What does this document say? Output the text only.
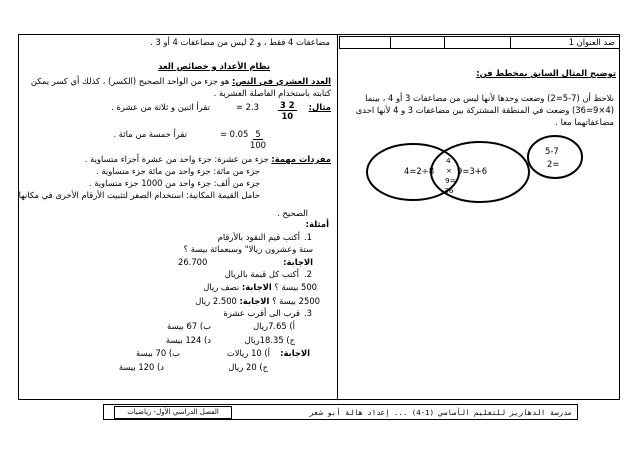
ضد العنوان 1
توضيح المثال السابق بمخطط فن:
نلاحظ أن (7-5=2) وضعت وحدها لأنها ليس من مضاعفات 3 أو 4 ، بينما
(4×9=36) وضعت في المنطقة المشتركة بين مضاعفات 3 و 4 لأنها احدى
مضاعفاتهما معا .
4=2÷8
4
×
9=
36
9=3+6
5-7
2=
مضاعفات 4 فقط ، و 2 ليس من مضاعفات 4 أو 3 .
نظام الأعداد و خصائص العد
العدد العشري في النص: هو جزء من الواحد الصحيح (الكسر) ، كذلك أي كسر يمكن
كتابته باستخدام الفاصلة العشرية .
مثال:
$\frac{3 2}{10}$
= 2.3
تقرأ اثنين و ثلاثة من عشرة .
$\frac{5}{100}$
= 0.05
تقرأ خمسة من مائة .
مفردات مهمة: جزء من عشرة: جزء واحد من عشرة أجزاء متساوية .
جزء من مائة: جزء واحد من مائة جزء متساوية .
جزء من ألف: جزء واحد من 1000 جزء متساوية .
حامل القيمة المكانية: استخدام الصفر لتثبيت الأرقام الأخرى في مكانها
الصحيح .
أمثلة:
.1
أكتب قيم النقود بالأرقام
ستة وعشرون ريالا" وسبعمائة بيسة ؟
الاجابة:
26.700
.2
أكتب كل قيمة بالريال
500 بيسة ؟ الاجابة: نصف ريال
2500 بيسة ؟ الاجابة: 2.500 ريال
.3
قرب الى أقرب عشرة
أ) 7.65ريال
ب) 67 بيسة
ج) 18.35ريال
د) 124 بيسة
الاجابة:
أ) 10 ريالات
ب) 70 بيسة
ج) 20 ريال
د) 120 بيسة
الفصل الدراسي الأول- رياضيات	مدرسة الدهاريز للتعليم الأساسي (1-4) ... إعداد هالة أبو شعر
